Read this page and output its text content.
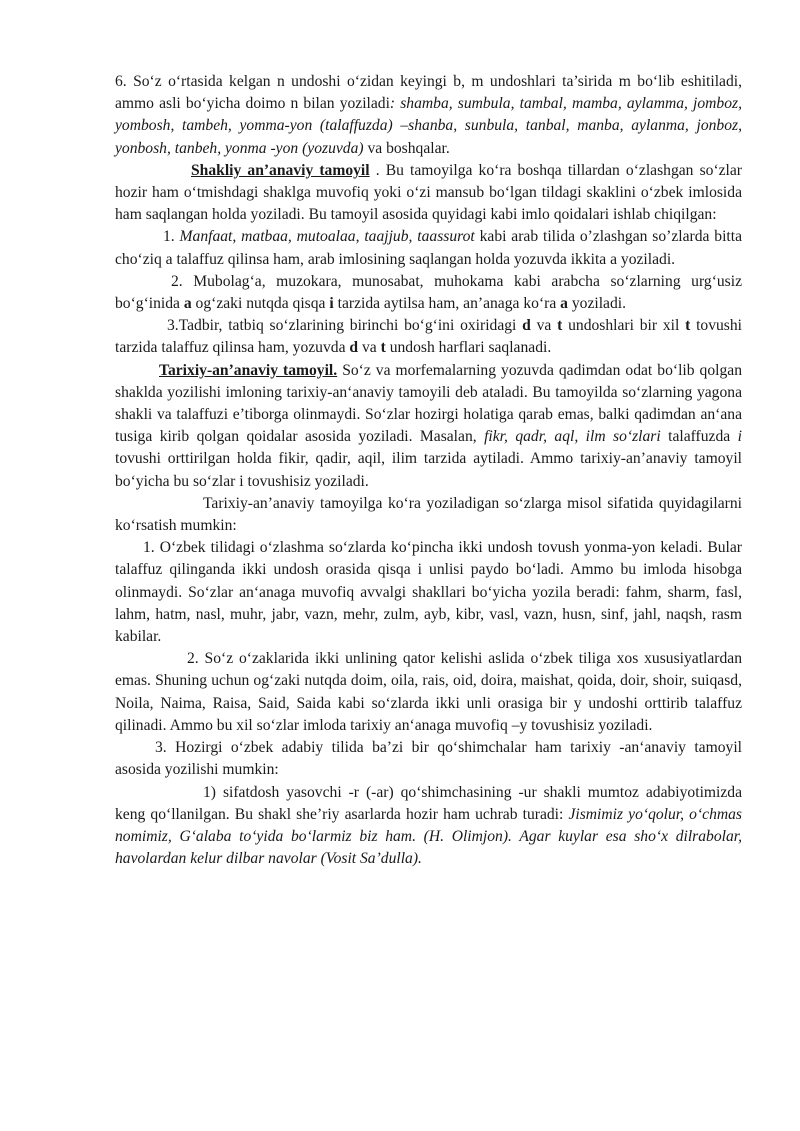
6. So‘z o‘rtasida kelgan n undoshi o‘zidan keyingi b, m undoshlari ta’sirida m bo‘lib eshitiladi, ammo asli bo‘yicha doimo n bilan yoziladi: shamba, sumbula, tambal, mamba, aylamma, jomboz, yombosh, tambeh, yomma-yon (talaffuzda) –shanba, sunbula, tanbal, manba, aylanma, jonboz, yonbosh, tanbeh, yonma -yon (yozuvda) va boshqalar.

Shakliy an’anaviy tamoyil . Bu tamoyilga ko‘ra boshqa tillardan o‘zlashgan so‘zlar hozir ham o‘tmishdagi shaklga muvofiq yoki o‘zi mansub bo‘lgan tildagi skaklini o‘zbek imlosida ham saqlangan holda yoziladi. Bu tamoyil asosida quyidagi kabi imlo qoidalari ishlab chiqilgan:

1. Manfaat, matbaa, mutoalaa, taajjub, taassurot kabi arab tilida o’zlashgan so’zlarda bitta cho‘ziq a talaffuz qilinsa ham, arab imlosining saqlangan holda yozuvda ikkita a yoziladi.

2. Mubolag‘a, muzokara, munosabat, muhokama kabi arabcha so‘zlarning urg‘usiz bo‘g‘inida a og‘zaki nutqda qisqa i tarzida aytilsa ham, an’anaga ko‘ra a yoziladi.

3.Tadbir, tatbiq so‘zlarining birinchi bo‘g‘ini oxiridagi d va t undoshlari bir xil t tovushi tarzida talaffuz qilinsa ham, yozuvda d va t undosh harflari saqlanadi.

Tarixiy-an’anaviy tamoyil. So‘z va morfemalarning yozuvda qadimdan odat bo‘lib qolgan shaklda yozilishi imloning tarixiy-an‘anaviy tamoyili deb ataladi. Bu tamoyilda so‘zlarning yagona shakli va talaffuzi e’tiborga olinmaydi. So‘zlar hozirgi holatiga qarab emas, balki qadimdan an‘ana tusiga kirib qolgan qoidalar asosida yoziladi. Masalan, fikr, qadr, aql, ilm so‘zlari talaffuzda i tovushi orttirilgan holda fikir, qadir, aqil, ilim tarzida aytiladi. Ammo tarixiy-an’anaviy tamoyil bo‘yicha bu so‘zlar i tovushisiz yoziladi.

Tarixiy-an’anaviy tamoyilga ko‘ra yoziladigan so‘zlarga misol sifatida quyidagilarni ko‘rsatish mumkin:

1. O‘zbek tilidagi o‘zlashma so‘zlarda ko‘pincha ikki undosh tovush yonma-yon keladi. Bular talaffuz qilinganda ikki undosh orasida qisqa i unlisi paydo bo‘ladi. Ammo bu imloda hisobga olinmaydi. So‘zlar an‘anaga muvofiq avvalgi shakllari bo‘yicha yozila beradi: fahm, sharm, fasl, lahm, hatm, nasl, muhr, jabr, vazn, mehr, zulm, ayb, kibr, vasl, vazn, husn, sinf, jahl, naqsh, rasm kabilar.

2. So‘z o‘zaklarida ikki unlining qator kelishi aslida o‘zbek tiliga xos xususiyatlardan emas. Shuning uchun og‘zaki nutqda doim, oila, rais, oid, doira, maishat, qoida, doir, shoir, suiqasd, Noila, Naima, Raisa, Said, Saida kabi so‘zlarda ikki unli orasiga bir y undoshi orttirib talaffuz qilinadi. Ammo bu xil so‘zlar imloda tarixiy an‘anaga muvofiq –y tovushisiz yoziladi.

3. Hozirgi o‘zbek adabiy tilida ba’zi bir qo‘shimchalar ham tarixiy -an‘anaviy tamoyil asosida yozilishi mumkin:

1) sifatdosh yasovchi -r (-ar) qo‘shimchasining -ur shakli mumtoz adabiyotimizda keng qo‘llanilgan. Bu shakl she’riy asarlarda hozir ham uchrab turadi: Jismimiz yo‘qolur, o‘chmas nomimiz, G‘alaba to‘yida bo‘larmiz biz ham. (H. Olimjon). Agar kuylar esa sho‘x dilrabolar, havolardan kelur dilbar navolar (Vosit Sa’dulla).
